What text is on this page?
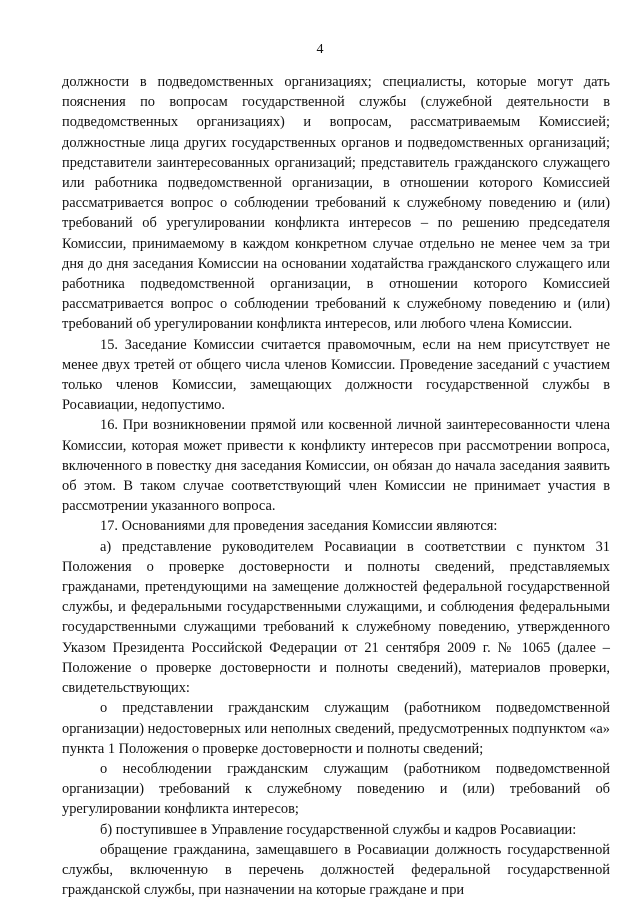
4

должности в подведомственных организациях; специалисты, которые могут дать пояснения по вопросам государственной службы (служебной деятельности в подведомственных организациях) и вопросам, рассматриваемым Комиссией; должностные лица других государственных органов и подведомственных организаций; представители заинтересованных организаций; представитель гражданского служащего или работника подведомственной организации, в отношении которого Комиссией рассматривается вопрос о соблюдении требований к служебному поведению и (или) требований об урегулировании конфликта интересов – по решению председателя Комиссии, принимаемому в каждом конкретном случае отдельно не менее чем за три дня до дня заседания Комиссии на основании ходатайства гражданского служащего или работника подведомственной организации, в отношении которого Комиссией рассматривается вопрос о соблюдении требований к служебному поведению и (или) требований об урегулировании конфликта интересов, или любого члена Комиссии.

15. Заседание Комиссии считается правомочным, если на нем присутствует не менее двух третей от общего числа членов Комиссии. Проведение заседаний с участием только членов Комиссии, замещающих должности государственной службы в Росавиации, недопустимо.

16. При возникновении прямой или косвенной личной заинтересованности члена Комиссии, которая может привести к конфликту интересов при рассмотрении вопроса, включенного в повестку дня заседания Комиссии, он обязан до начала заседания заявить об этом. В таком случае соответствующий член Комиссии не принимает участия в рассмотрении указанного вопроса.

17. Основаниями для проведения заседания Комиссии являются:

а) представление руководителем Росавиации в соответствии с пунктом 31 Положения о проверке достоверности и полноты сведений, представляемых гражданами, претендующими на замещение должностей федеральной государственной службы, и федеральными государственными служащими, и соблюдения федеральными государственными служащими требований к служебному поведению, утвержденного Указом Президента Российской Федерации от 21 сентября 2009 г. № 1065 (далее – Положение о проверке достоверности и полноты сведений), материалов проверки, свидетельствующих:

о представлении гражданским служащим (работником подведомственной организации) недостоверных или неполных сведений, предусмотренных подпунктом «а» пункта 1 Положения о проверке достоверности и полноты сведений;

о несоблюдении гражданским служащим (работником подведомственной организации) требований к служебному поведению и (или) требований об урегулировании конфликта интересов;

б) поступившее в Управление государственной службы и кадров Росавиации:

обращение гражданина, замещавшего в Росавиации должность государственной службы, включенную в перечень должностей федеральной государственной гражданской службы, при назначении на которые граждане и при
